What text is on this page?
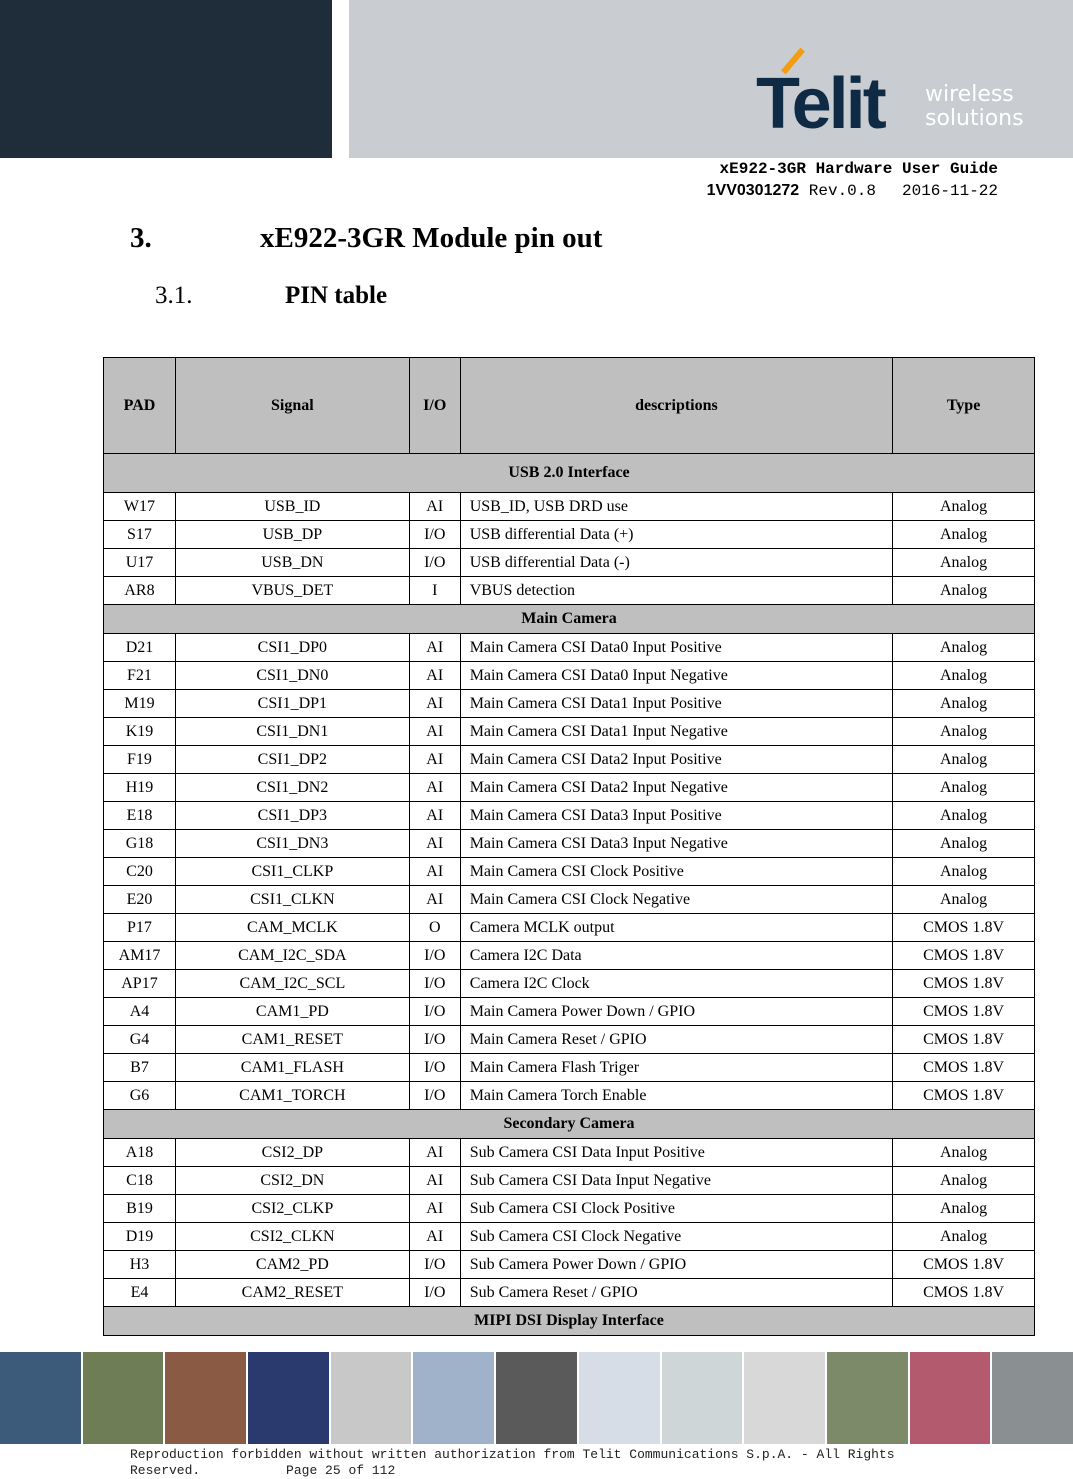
Telit wireless
solutions
xE922-3GR Hardware User Guide
1VV0301272 Rev.0.8 2016-11-22
3.	xE922-3GR Module pin out
3.1.	PIN table
PAD	Signal	I/O	descriptions	Type
USB 2.0 Interface				
W17	USB_ID	AI	USB_ID, USB DRD use	Analog
S17	USB_DP	I/O	USB differential Data (+)	Analog
U17	USB_DN	I/O	USB differential Data (-)	Analog
AR8	VBUS_DET	I	VBUS detection	Analog
Main Camera				
D21	CSI1_DP0	AI	Main Camera CSI Data0 Input Positive	Analog
F21	CSI1_DN0	AI	Main Camera CSI Data0 Input Negative	Analog
M19	CSI1_DP1	AI	Main Camera CSI Data1 Input Positive	Analog
K19	CSI1_DN1	AI	Main Camera CSI Data1 Input Negative	Analog
F19	CSI1_DP2	AI	Main Camera CSI Data2 Input Positive	Analog
H19	CSI1_DN2	AI	Main Camera CSI Data2 Input Negative	Analog
E18	CSI1_DP3	AI	Main Camera CSI Data3 Input Positive	Analog
G18	CSI1_DN3	AI	Main Camera CSI Data3 Input Negative	Analog
C20	CSI1_CLKP	AI	Main Camera CSI Clock Positive	Analog
E20	CSI1_CLKN	AI	Main Camera CSI Clock Negative	Analog
P17	CAM_MCLK	O	Camera MCLK output	CMOS 1.8V
AM17	CAM_I2C_SDA	I/O	Camera I2C Data	CMOS 1.8V
AP17	CAM_I2C_SCL	I/O	Camera I2C Clock	CMOS 1.8V
A4	CAM1_PD	I/O	Main Camera Power Down / GPIO	CMOS 1.8V
G4	CAM1_RESET	I/O	Main Camera Reset / GPIO	CMOS 1.8V
B7	CAM1_FLASH	I/O	Main Camera Flash Triger	CMOS 1.8V
G6	CAM1_TORCH	I/O	Main Camera Torch Enable	CMOS 1.8V
Secondary Camera				
A18	CSI2_DP	AI	Sub Camera CSI Data Input Positive	Analog
C18	CSI2_DN	AI	Sub Camera CSI Data Input Negative	Analog
B19	CSI2_CLKP	AI	Sub Camera CSI Clock Positive	Analog
D19	CSI2_CLKN	AI	Sub Camera CSI Clock Negative	Analog
H3	CAM2_PD	I/O	Sub Camera Power Down / GPIO	CMOS 1.8V
E4	CAM2_RESET	I/O	Sub Camera Reset / GPIO	CMOS 1.8V
MIPI DSI Display Interface				
Reproduction forbidden without written authorization from Telit Communications S.p.A. - All Rights
Reserved.	Page 25 of 112
